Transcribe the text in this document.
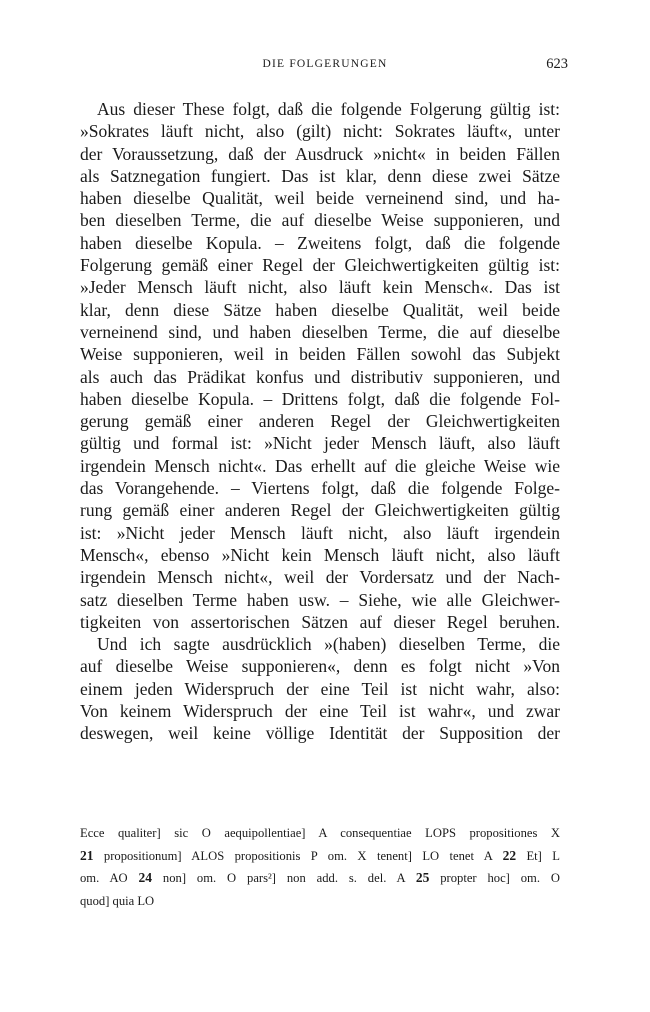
DIE FOLGERUNGEN	623
Aus dieser These folgt, daß die folgende Folgerung gültig ist:
»Sokrates läuft nicht, also (gilt) nicht: Sokrates läuft«, unter
der Voraussetzung, daß der Ausdruck »nicht« in beiden Fällen
als Satznegation fungiert. Das ist klar, denn diese zwei Sätze
haben dieselbe Qualität, weil beide verneinend sind, und ha-
ben dieselben Terme, die auf dieselbe Weise supponieren, und
haben dieselbe Kopula. – Zweitens folgt, daß die folgende
Folgerung gemäß einer Regel der Gleichwertigkeiten gültig ist:
»Jeder Mensch läuft nicht, also läuft kein Mensch«. Das ist
klar, denn diese Sätze haben dieselbe Qualität, weil beide
verneinend sind, und haben dieselben Terme, die auf dieselbe
Weise supponieren, weil in beiden Fällen sowohl das Subjekt
als auch das Prädikat konfus und distributiv supponieren, und
haben dieselbe Kopula. – Drittens folgt, daß die folgende Fol-
gerung gemäß einer anderen Regel der Gleichwertigkeiten
gültig und formal ist: »Nicht jeder Mensch läuft, also läuft
irgendein Mensch nicht«. Das erhellt auf die gleiche Weise wie
das Vorangehende. – Viertens folgt, daß die folgende Folge-
rung gemäß einer anderen Regel der Gleichwertigkeiten gültig
ist: »Nicht jeder Mensch läuft nicht, also läuft irgendein
Mensch«, ebenso »Nicht kein Mensch läuft nicht, also läuft
irgendein Mensch nicht«, weil der Vordersatz und der Nach-
satz dieselben Terme haben usw. – Siehe, wie alle Gleichwer-
tigkeiten von assertorischen Sätzen auf dieser Regel beruhen.
Und ich sagte ausdrücklich »(haben) dieselben Terme, die
auf dieselbe Weise supponieren«, denn es folgt nicht »Von
einem jeden Widerspruch der eine Teil ist nicht wahr, also:
Von keinem Widerspruch der eine Teil ist wahr«, und zwar
deswegen, weil keine völlige Identität der Supposition der
Ecce qualiter] sic O aequipollentiae] A consequentiae LOPS propositiones X
21 propositionum] ALOS propositionis P om. X tenent] LO tenet A 22 Et] L
om. AO 24 non] om. O pars²] non add. s. del. A 25 propter hoc] om. O
quod] quia LO
